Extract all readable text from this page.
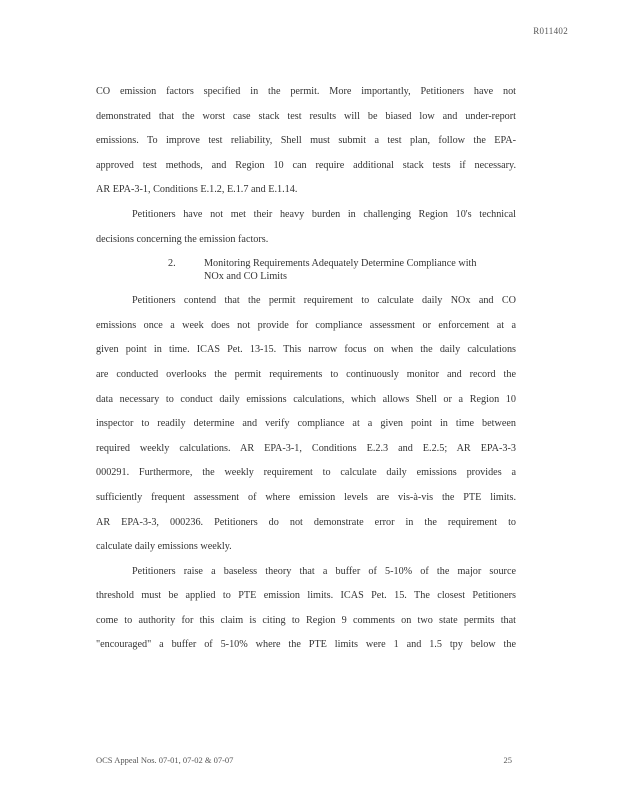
R011402
CO emission factors specified in the permit. More importantly, Petitioners have not
demonstrated that the worst case stack test results will be biased low and under-report
emissions. To improve test reliability, Shell must submit a test plan, follow the EPA-
approved test methods, and Region 10 can require additional stack tests if necessary.
AR EPA-3-1, Conditions E.1.2, E.1.7 and E.1.14.
Petitioners have not met their heavy burden in challenging Region 10's technical
decisions concerning the emission factors.
2.	Monitoring Requirements Adequately Determine Compliance with
NOx and CO Limits
Petitioners contend that the permit requirement to calculate daily NOx and CO
emissions once a week does not provide for compliance assessment or enforcement at a
given point in time. ICAS Pet. 13-15. This narrow focus on when the daily calculations
are conducted overlooks the permit requirements to continuously monitor and record the
data necessary to conduct daily emissions calculations, which allows Shell or a Region 10
inspector to readily determine and verify compliance at a given point in time between
required weekly calculations. AR EPA-3-1, Conditions E.2.3 and E.2.5; AR EPA-3-3
000291. Furthermore, the weekly requirement to calculate daily emissions provides a
sufficiently frequent assessment of where emission levels are vis-à-vis the PTE limits.
AR EPA-3-3, 000236. Petitioners do not demonstrate error in the requirement to
calculate daily emissions weekly.
Petitioners raise a baseless theory that a buffer of 5-10% of the major source
threshold must be applied to PTE emission limits. ICAS Pet. 15. The closest Petitioners
come to authority for this claim is citing to Region 9 comments on two state permits that
"encouraged" a buffer of 5-10% where the PTE limits were 1 and 1.5 tpy below the
OCS Appeal Nos. 07-01, 07-02 & 07-07	25
